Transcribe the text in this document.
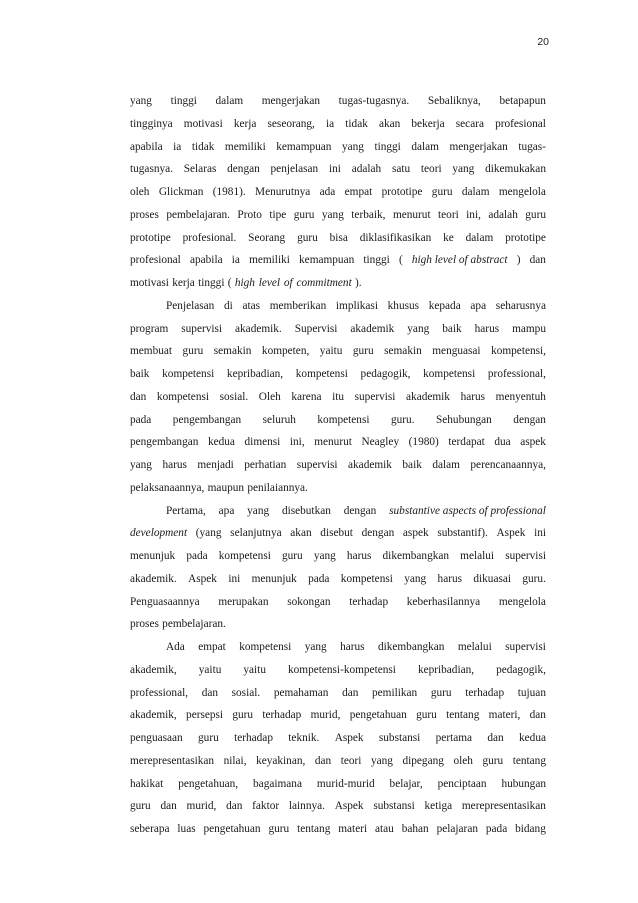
20
yang tinggi dalam mengerjakan tugas-tugasnya. Sebaliknya, betapapun
tingginya motivasi kerja seseorang, ia tidak akan bekerja secara profesional
apabila ia tidak memiliki kemampuan yang tinggi dalam mengerjakan tugas-
tugasnya. Selaras dengan penjelasan ini adalah satu teori yang dikemukakan
oleh Glickman (1981). Menurutnya ada empat prototipe guru dalam mengelola
proses pembelajaran. Proto tipe guru yang terbaik, menurut teori ini, adalah guru
prototipe profesional. Seorang guru bisa diklasifikasikan ke dalam prototipe
profesional apabila ia memiliki kemampuan tinggi ( high level of abstract ) dan
motivasi kerja tinggi ( high level of commitment ).
Penjelasan di atas memberikan implikasi khusus kepada apa seharusnya
program supervisi akademik. Supervisi akademik yang baik harus mampu
membuat guru semakin kompeten, yaitu guru semakin menguasai kompetensi,
baik kompetensi kepribadian, kompetensi pedagogik, kompetensi professional,
dan kompetensi sosial. Oleh karena itu supervisi akademik harus menyentuh
pada pengembangan seluruh kompetensi guru. Sehubungan dengan
pengembangan kedua dimensi ini, menurut Neagley (1980) terdapat dua aspek
yang harus menjadi perhatian supervisi akademik baik dalam perencanaannya,
pelaksanaannya, maupun penilaiannya.
Pertama, apa yang disebutkan dengan substantive aspects of professional
development (yang selanjutnya akan disebut dengan aspek substantif). Aspek ini
menunjuk pada kompetensi guru yang harus dikembangkan melalui supervisi
akademik. Aspek ini menunjuk pada kompetensi yang harus dikuasai guru.
Penguasaannya merupakan sokongan terhadap keberhasilannya mengelola
proses pembelajaran.
Ada empat kompetensi yang harus dikembangkan melalui supervisi
akademik, yaitu yaitu kompetensi-kompetensi kepribadian, pedagogik,
professional, dan sosial. pemahaman dan pemilikan guru terhadap tujuan
akademik, persepsi guru terhadap murid, pengetahuan guru tentang materi, dan
penguasaan guru terhadap teknik. Aspek substansi pertama dan kedua
merepresentasikan nilai, keyakinan, dan teori yang dipegang oleh guru tentang
hakikat pengetahuan, bagaimana murid-murid belajar, penciptaan hubungan
guru dan murid, dan faktor lainnya. Aspek substansi ketiga merepresentasikan
seberapa luas pengetahuan guru tentang materi atau bahan pelajaran pada bidang
